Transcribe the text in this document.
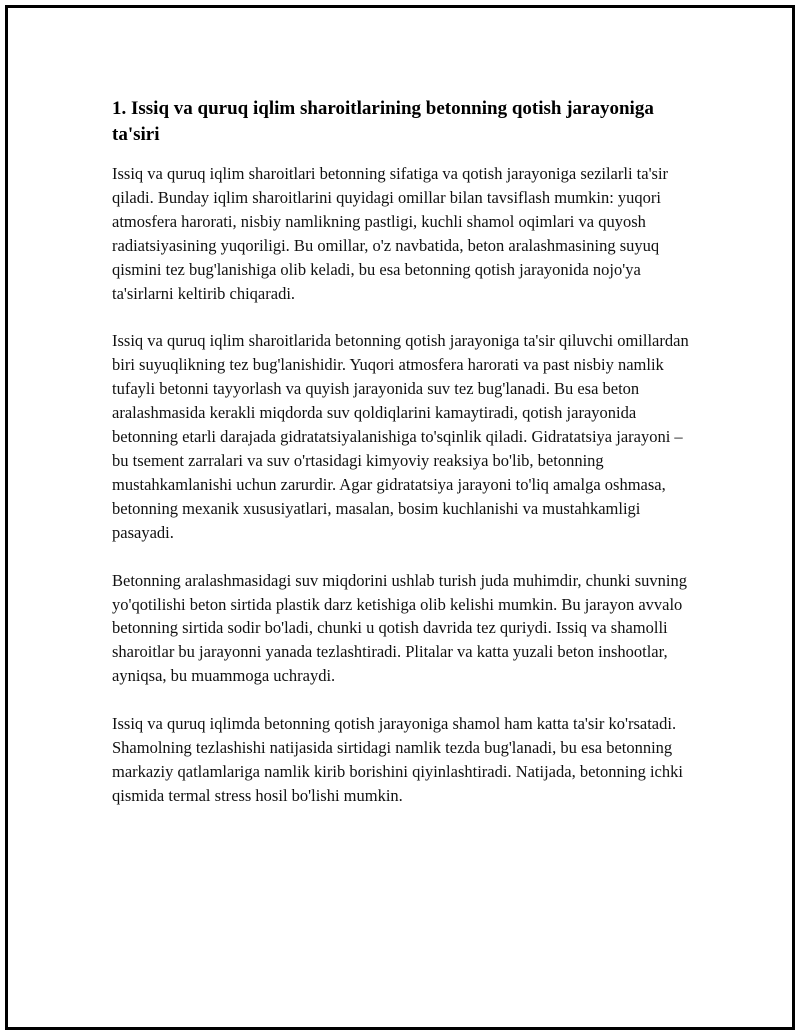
1. Issiq va quruq iqlim sharoitlarining betonning qotish jarayoniga ta'siri

Issiq va quruq iqlim sharoitlari betonning sifatiga va qotish jarayoniga sezilarli ta'sir qiladi. Bunday iqlim sharoitlarini quyidagi omillar bilan tavsiflash mumkin: yuqori atmosfera harorati, nisbiy namlikning pastligi, kuchli shamol oqimlari va quyosh radiatsiyasining yuqoriligi. Bu omillar, o'z navbatida, beton aralashmasining suyuq qismini tez bug'lanishiga olib keladi, bu esa betonning qotish jarayonida nojo'ya ta'sirlarni keltirib chiqaradi.

Issiq va quruq iqlim sharoitlarida betonning qotish jarayoniga ta'sir qiluvchi omillardan biri suyuqlikning tez bug'lanishidir. Yuqori atmosfera harorati va past nisbiy namlik tufayli betonni tayyorlash va quyish jarayonida suv tez bug'lanadi. Bu esa beton aralashmasida kerakli miqdorda suv qoldiqlarini kamaytiradi, qotish jarayonida betonning etarli darajada gidratatsiyalanishiga to'sqinlik qiladi. Gidratatsiya jarayoni – bu tsement zarralari va suv o'rtasidagi kimyoviy reaksiya bo'lib, betonning mustahkamlanishi uchun zarurdir. Agar gidratatsiya jarayoni to'liq amalga oshmasa, betonning mexanik xususiyatlari, masalan, bosim kuchlanishi va mustahkamligi pasayadi.

Betonning aralashmasidagi suv miqdorini ushlab turish juda muhimdir, chunki suvning yo'qotilishi beton sirtida plastik darz ketishiga olib kelishi mumkin. Bu jarayon avvalo betonning sirtida sodir bo'ladi, chunki u qotish davrida tez quriydi. Issiq va shamolli sharoitlar bu jarayonni yanada tezlashtiradi. Plitalar va katta yuzali beton inshootlar, ayniqsa, bu muammoga uchraydi.

Issiq va quruq iqlimda betonning qotish jarayoniga shamol ham katta ta'sir ko'rsatadi. Shamolning tezlashishi natijasida sirtidagi namlik tezda bug'lanadi, bu esa betonning markaziy qatlamlariga namlik kirib borishini qiyinlashtiradi. Natijada, betonning ichki qismida termal stress hosil bo'lishi mumkin.
